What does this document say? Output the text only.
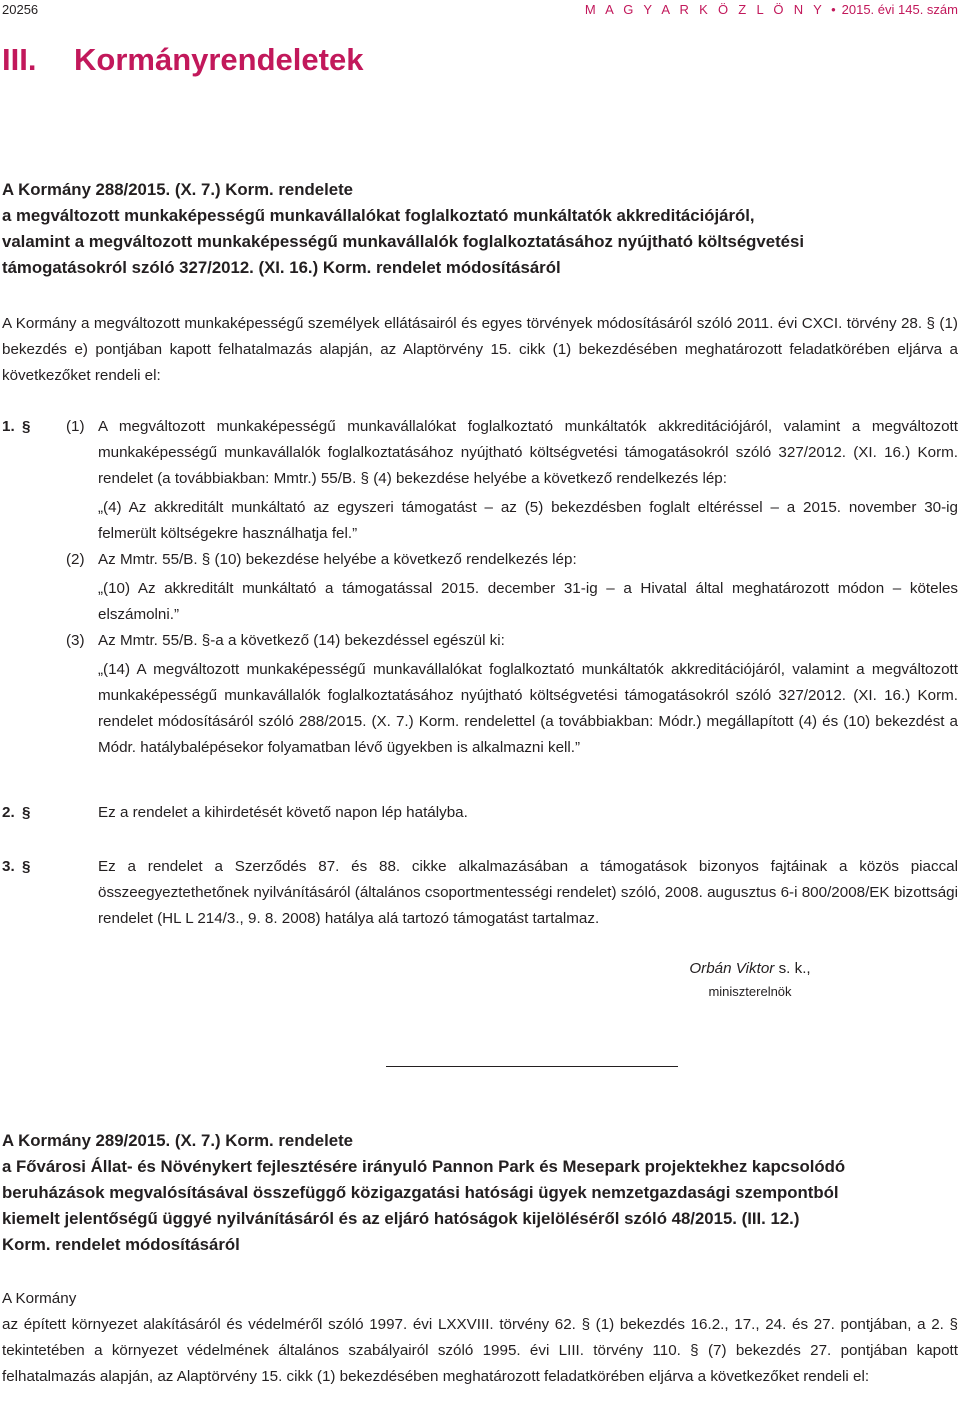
20256	M A G Y A R K Ö Z L Ö N Y • 2015. évi 145. szám
III. Kormányrendeletek
A Kormány 288/2015. (X. 7.) Korm. rendelete
a megváltozott munkaképességű munkavállalókat foglalkoztató munkáltatók akkreditációjáról,
valamint a megváltozott munkaképességű munkavállalók foglalkoztatásához nyújtható költségvetési
támogatásokról szóló 327/2012. (XI. 16.) Korm. rendelet módosításáról

A Kormány a megváltozott munkaképességű személyek ellátásairól és egyes törvények módosításáról szóló 2011. évi CXCI. törvény 28. § (1) bekezdés e) pontjában kapott felhatalmazás alapján, az Alaptörvény 15. cikk (1) bekezdésében meghatározott feladatkörében eljárva a következőket rendeli el:

1. § (1) A megváltozott munkaképességű munkavállalókat foglalkoztató munkáltatók akkreditációjáról, valamint a megváltozott munkaképességű munkavállalók foglalkoztatásához nyújtható költségvetési támogatásokról szóló 327/2012. (XI. 16.) Korm. rendelet (a továbbiakban: Mmtr.) 55/B. § (4) bekezdése helyébe a következő rendelkezés lép:
„(4) Az akkreditált munkáltató az egyszeri támogatást – az (5) bekezdésben foglalt eltéréssel – a 2015. november 30-ig felmerült költségekre használhatja fel.”
(2) Az Mmtr. 55/B. § (10) bekezdése helyébe a következő rendelkezés lép:
„(10) Az akkreditált munkáltató a támogatással 2015. december 31-ig – a Hivatal által meghatározott módon – köteles elszámolni.”
(3) Az Mmtr. 55/B. §-a a következő (14) bekezdéssel egészül ki:
„(14) A megváltozott munkaképességű munkavállalókat foglalkoztató munkáltatók akkreditációjáról, valamint a megváltozott munkaképességű munkavállalók foglalkoztatásához nyújtható költségvetési támogatásokról szóló 327/2012. (XI. 16.) Korm. rendelet módosításáról szóló 288/2015. (X. 7.) Korm. rendelettel (a továbbiakban: Módr.) megállapított (4) és (10) bekezdést a Módr. hatálybalépésekor folyamatban lévő ügyekben is alkalmazni kell.”
2. §	Ez a rendelet a kihirdetését követő napon lép hatályba.
3. §	Ez a rendelet a Szerződés 87. és 88. cikke alkalmazásában a támogatások bizonyos fajtáinak a közös piaccal összeegyeztethetőnek nyilvánításáról (általános csoportmentességi rendelet) szóló, 2008. augusztus 6-i 800/2008/EK bizottsági rendelet (HL L 214/3., 9. 8. 2008) hatálya alá tartozó támogatást tartalmaz.
Orbán Viktor s. k.,
miniszterelnök
A Kormány 289/2015. (X. 7.) Korm. rendelete
a Fővárosi Állat- és Növénykert fejlesztésére irányuló Pannon Park és Mesepark projektekhez kapcsolódó
beruházások megvalósításával összefüggő közigazgatási hatósági ügyek nemzetgazdasági szempontból
kiemelt jelentőségű üggyé nyilvánításáról és az eljáró hatóságok kijelöléséről szóló 48/2015. (III. 12.)
Korm. rendelet módosításáról
A Kormány

az épített környezet alakításáról és védelméről szóló 1997. évi LXXVIII. törvény 62. § (1) bekezdés 16.2., 17., 24. és 27. pontjában, a 2. § tekintetében a környezet védelmének általános szabályairól szóló 1995. évi LIII. törvény 110. § (7) bekezdés 27. pontjában kapott felhatalmazás alapján, az Alaptörvény 15. cikk (1) bekezdésében meghatározott feladatkörében eljárva a következőket rendeli el:
